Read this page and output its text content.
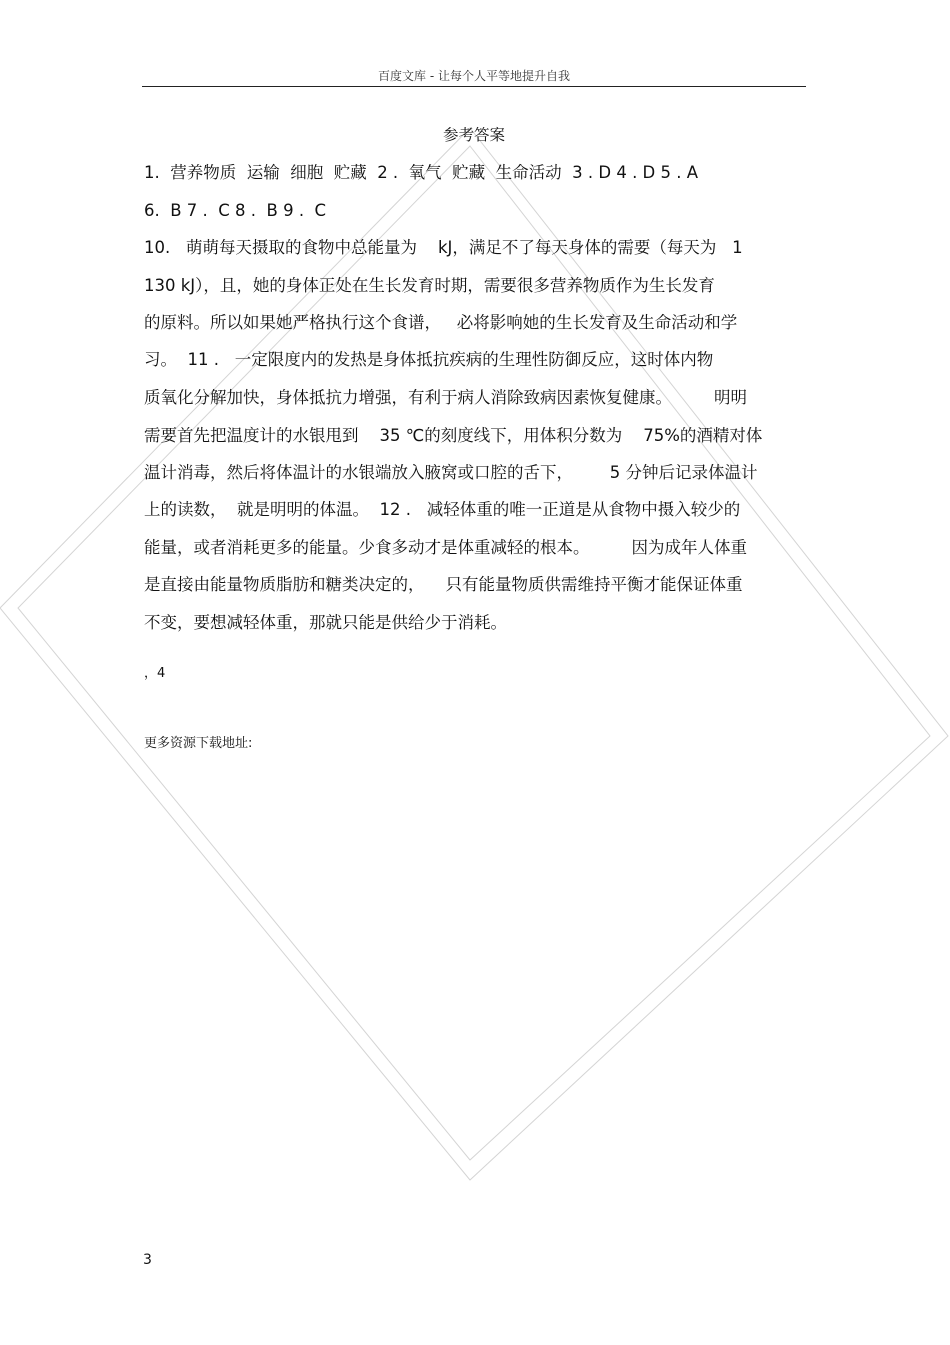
百度文库 - 让每个人平等地提升自我
参考答案
1.  营养物质  运输  细胞  贮藏  2 .  氧气  贮藏  生命活动  3 . D 4 . D 5 . A
6.  B 7 .  C 8 .  B 9 .  C
10.   萌萌每天摄取的食物中总能量为    kJ，满足不了每天身体的需要（每天为   1
130 kJ），且，她的身体正处在生长发育时期，需要很多营养物质作为生长发育
的原料。所以如果她严格执行这个食谱，   必将影响她的生长发育及生命活动和学
习。  11 .   一定限度内的发热是身体抵抗疾病的生理性防御反应，这时体内物
质氧化分解加快，身体抵抗力增强，有利于病人消除致病因素恢复健康。        明明
需要首先把温度计的水银甩到    35 ℃的刻度线下，用体积分数为    75%的酒精对体
温计消毒，然后将体温计的水银端放入腋窝或口腔的舌下，       5 分钟后记录体温计
上的读数，  就是明明的体温。  12 .   减轻体重的唯一正道是从食物中摄入较少的
能量，或者消耗更多的能量。少食多动才是体重减轻的根本。        因为成年人体重
是直接由能量物质脂肪和糖类决定的，    只有能量物质供需维持平衡才能保证体重
不变，要想减轻体重，那就只能是供给少于消耗。
，4
更多资源下载地址:
3
